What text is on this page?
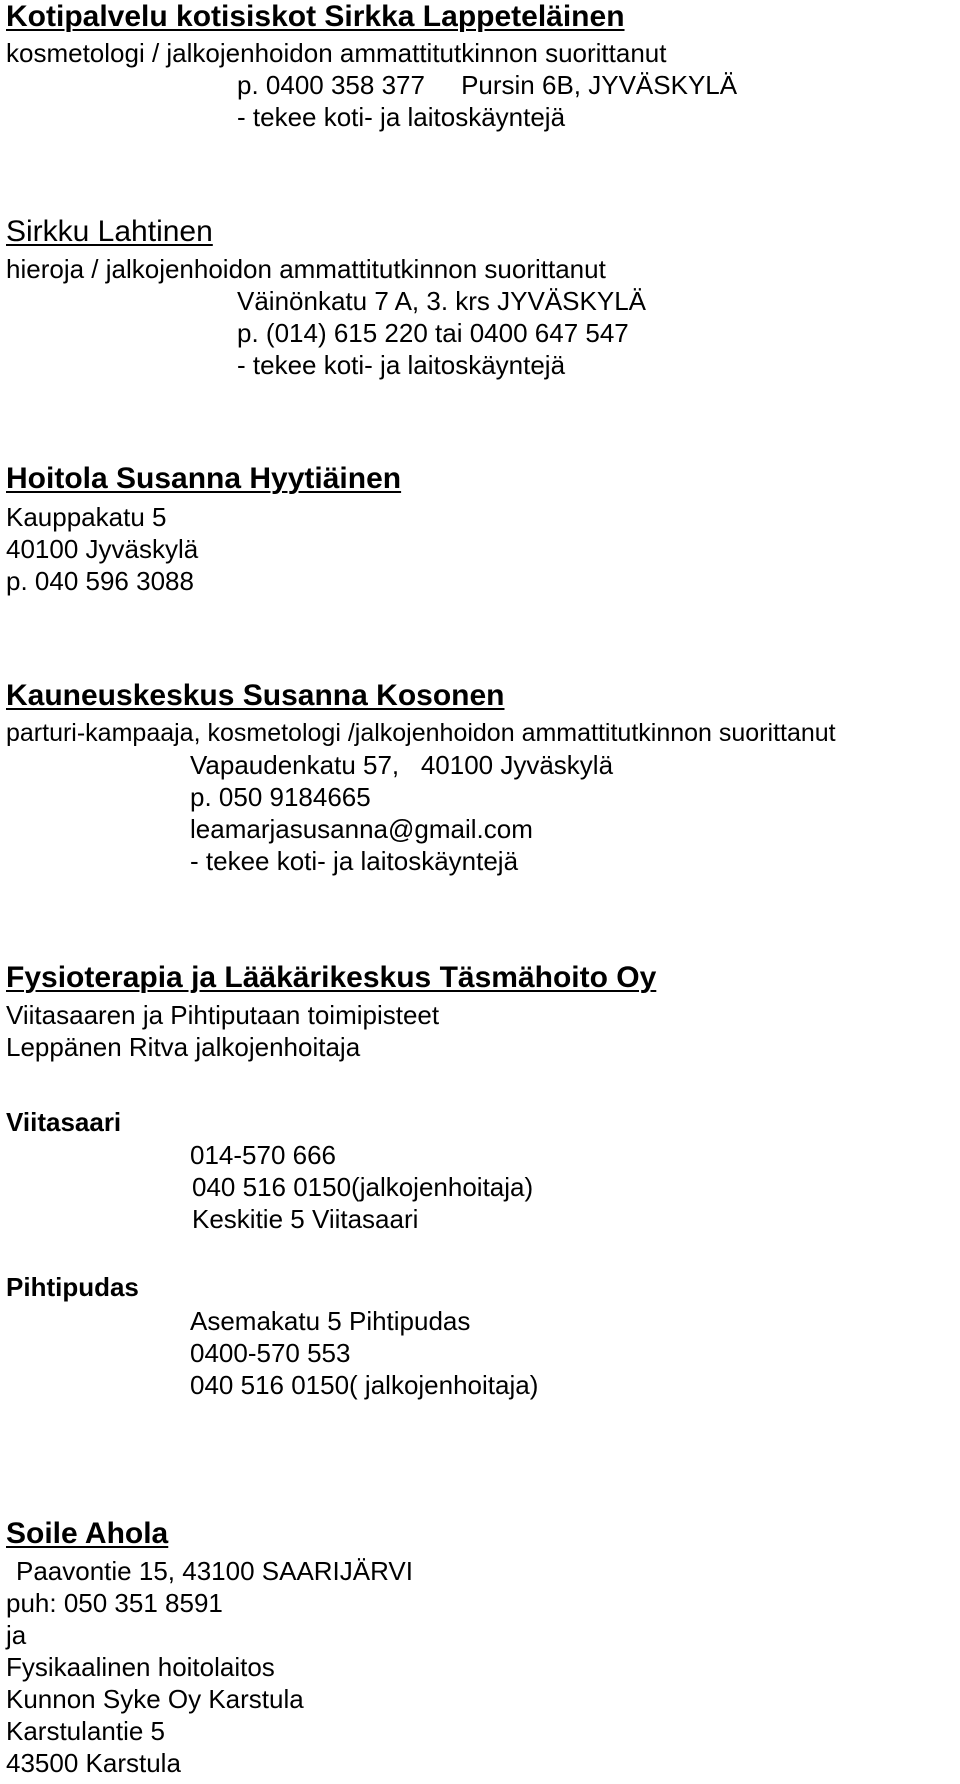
Kotipalvelu kotisiskot Sirkka Lappeteläinen

kosmetologi / jalkojenhoidon ammattitutkinnon suorittanut

p. 0400 358 377     Pursin 6B, JYVÄSKYLÄ

- tekee koti- ja laitoskäyntejä

Sirkku Lahtinen

hieroja / jalkojenhoidon ammattitutkinnon suorittanut

Väinönkatu 7 A, 3. krs JYVÄSKYLÄ

p. (014) 615 220 tai 0400 647 547

- tekee koti- ja laitoskäyntejä

Hoitola Susanna Hyytiäinen

Kauppakatu 5

40100 Jyväskylä

p. 040 596 3088

Kauneuskeskus Susanna Kosonen

parturi-kampaaja, kosmetologi /jalkojenhoidon ammattitutkinnon suorittanut

Vapaudenkatu 57,   40100 Jyväskylä

p. 050 9184665

leamarjasusanna@gmail.com

- tekee koti- ja laitoskäyntejä

Fysioterapia ja Lääkärikeskus Täsmähoito Oy

Viitasaaren ja Pihtiputaan toimipisteet

Leppänen Ritva jalkojenhoitaja

Viitasaari

014-570 666

040 516 0150(jalkojenhoitaja)

Keskitie 5 Viitasaari

Pihtipudas

Asemakatu 5 Pihtipudas

0400-570 553

040 516 0150( jalkojenhoitaja)

Soile Ahola

Paavontie 15, 43100 SAARIJÄRVI

puh: 050 351 8591

ja

Fysikaalinen hoitolaitos

Kunnon Syke Oy Karstula

Karstulantie 5

43500 Karstula
